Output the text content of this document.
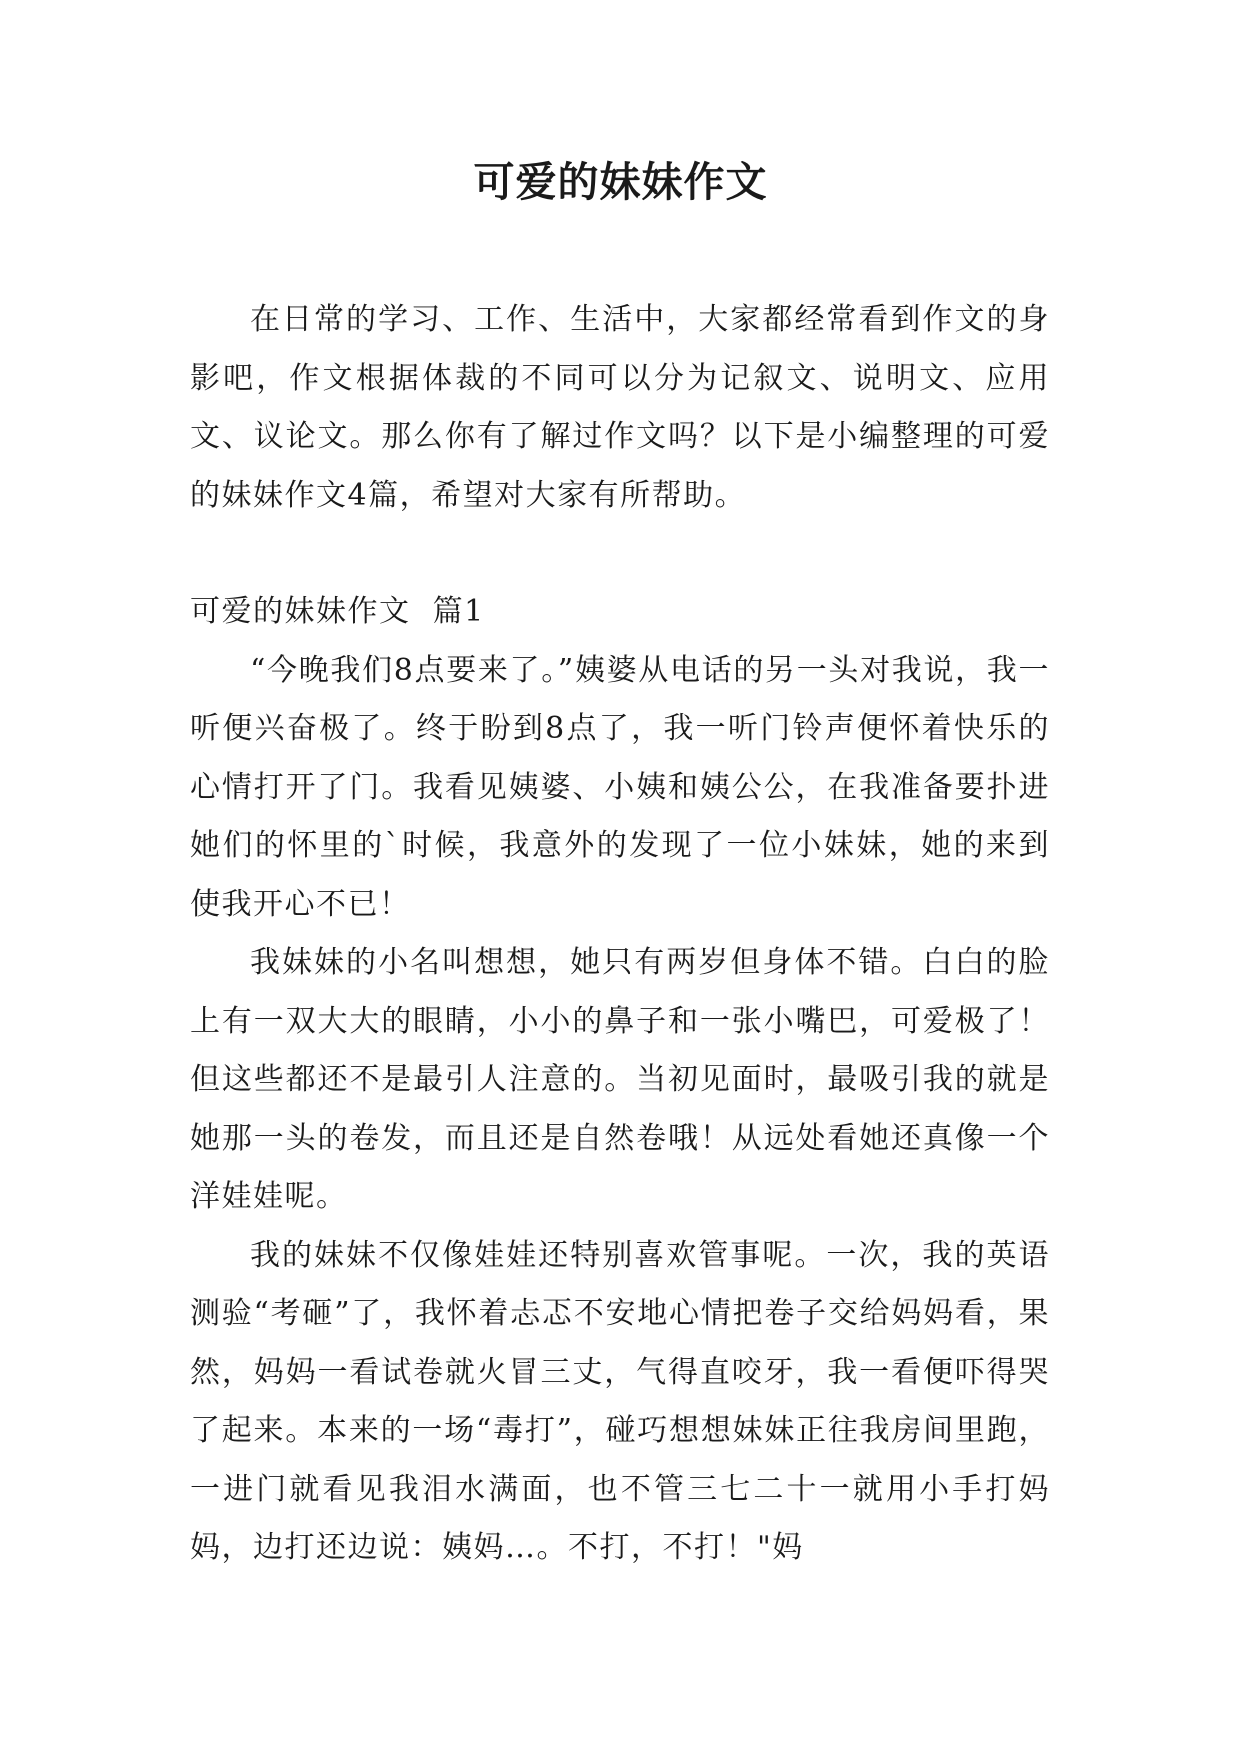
可爱的妹妹作文

在日常的学习、工作、生活中，大家都经常看到作文的身影吧，作文根据体裁的不同可以分为记叙文、说明文、应用文、议论文。那么你有了解过作文吗？以下是小编整理的可爱的妹妹作文4篇，希望对大家有所帮助。

可爱的妹妹作文  篇1

“今晚我们8点要来了。”姨婆从电话的另一头对我说，我一听便兴奋极了。终于盼到8点了，我一听门铃声便怀着快乐的心情打开了门。我看见姨婆、小姨和姨公公，在我准备要扑进她们的怀里的`时候，我意外的发现了一位小妹妹，她的来到使我开心不已！

我妹妹的小名叫想想，她只有两岁但身体不错。白白的脸上有一双大大的眼睛，小小的鼻子和一张小嘴巴，可爱极了！但这些都还不是最引人注意的。当初见面时，最吸引我的就是她那一头的卷发，而且还是自然卷哦！从远处看她还真像一个洋娃娃呢。

我的妹妹不仅像娃娃还特别喜欢管事呢。一次，我的英语测验“考砸”了，我怀着忐忑不安地心情把卷子交给妈妈看，果然，妈妈一看试卷就火冒三丈，气得直咬牙，我一看便吓得哭了起来。本来的一场“毒打”，碰巧想想妹妹正往我房间里跑，一进门就看见我泪水满面，也不管三七二十一就用小手打妈妈，边打还边说：姨妈…。不打，不打！"妈
